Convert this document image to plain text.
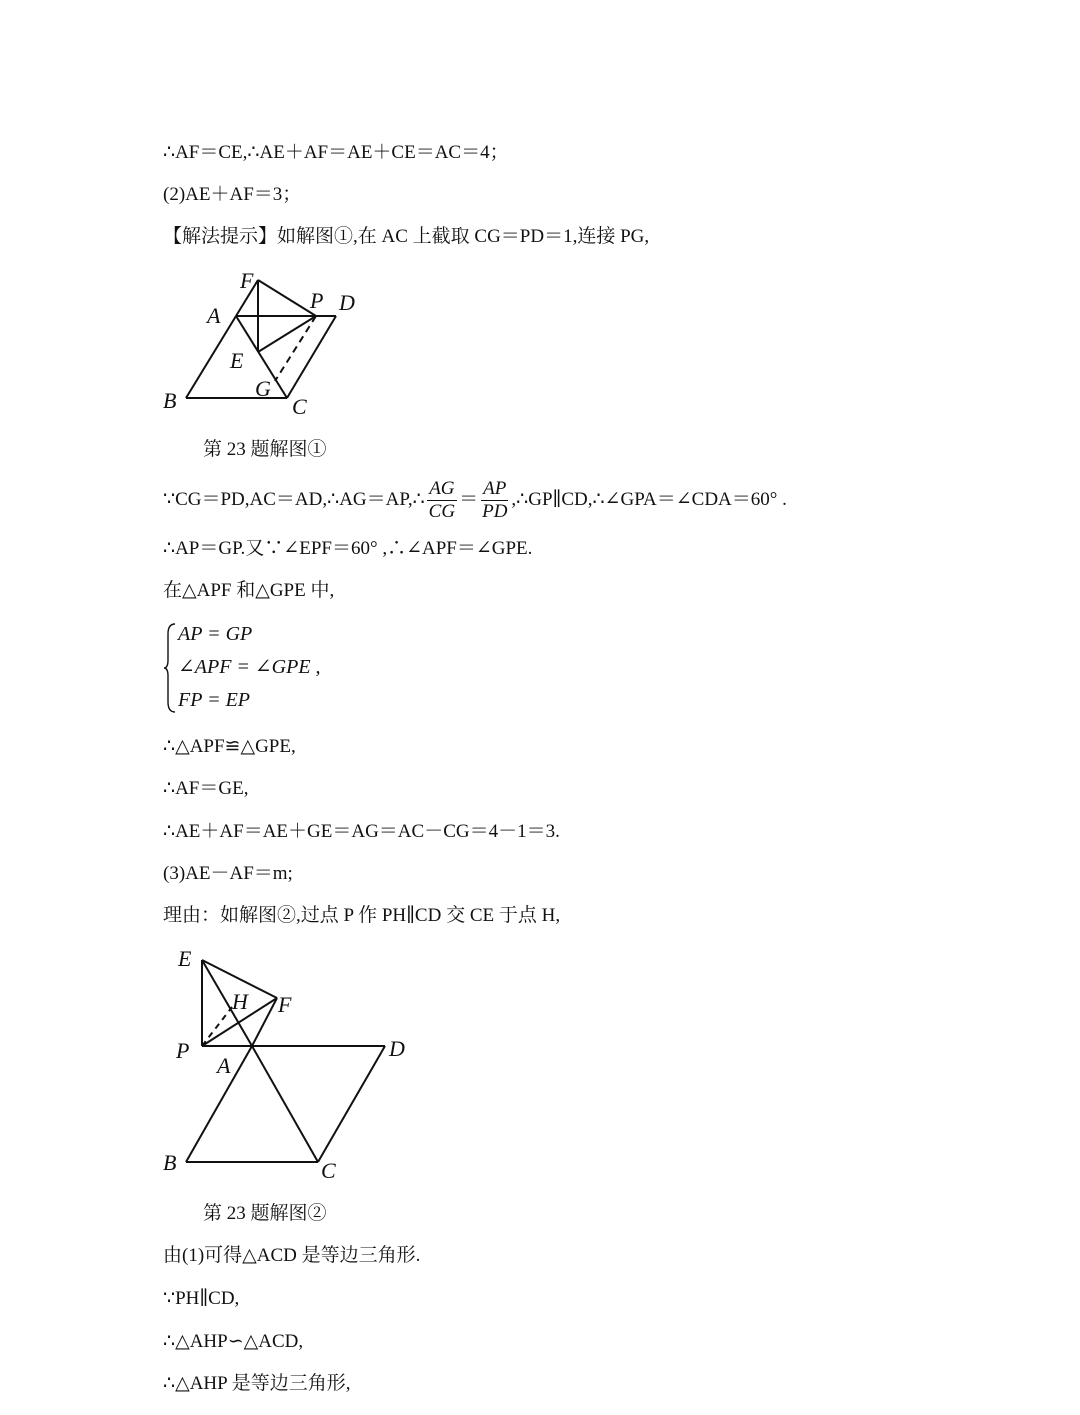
∴AF＝CE,∴AE＋AF＝AE＋CE＝AC＝4；
(2)AE＋AF＝3；
【解法提示】如解图①,在 AC 上截取 CG＝PD＝1,连接 PG,
F
A
P D
E
G
B	C
第 23 题解图①
∵CG＝PD,AC＝AD,∴AG＝AP,∴ $\frac{AG}{CG} = \frac{AP}{PD}$ ,∴GP∥CD,∴∠GPA＝∠CDA＝60° .
∴AP＝GP.又∵∠EPF＝60° ,∴∠APF＝∠GPE.
在△APF 和△GPE 中,
AP = GP
∠APF = ∠GPE ,
FP = EP
∴△APF≌△GPE,
∴AF＝GE,
∴AE＋AF＝AE＋GE＝AG＝AC－CG＝4－1＝3.
(3)AE－AF＝m;
理由：如解图②,过点 P 作 PH∥CD 交 CE 于点 H,
E
H F
P
A
D
B	C
第 23 题解图②
由(1)可得△ACD 是等边三角形.
∵PH∥CD,
∴△AHP∽△ACD,
∴△AHP 是等边三角形,
